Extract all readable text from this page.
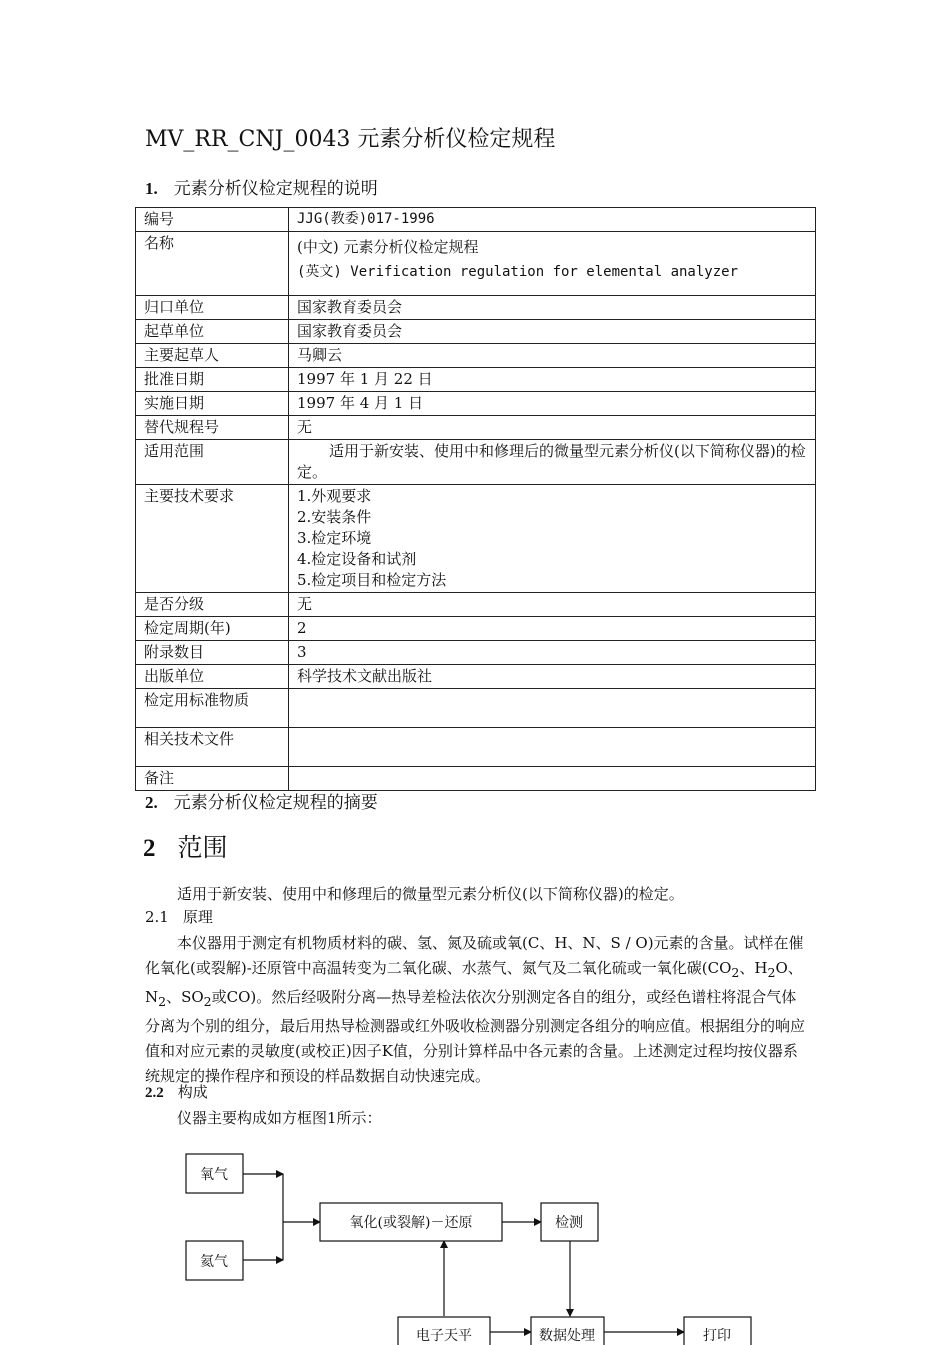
MV_RR_CNJ_0043 元素分析仪检定规程
1. 元素分析仪检定规程的说明
编号	JJG(教委)017-1996
名称	(中文) 元素分析仪检定规程
(英文) Verification regulation for elemental analyzer

归口单位	国家教育委员会
起草单位	国家教育委员会
主要起草人	马卿云
批准日期	1997 年 1 月 22 日
实施日期	1997 年 4 月 1 日
替代规程号	无
适用范围	适用于新安装、使用中和修理后的微量型元素分析仪(以下简称仪器)的检定。
主要技术要求	1.外观要求
2.安装条件
3.检定环境
4.检定设备和试剂
5.检定项目和检定方法

是否分级	无
检定周期(年)	2
附录数目	3
出版单位	科学技术文献出版社
检定用标准物质	
相关技术文件	
备注	
2. 元素分析仪检定规程的摘要
2 范围
适用于新安装、使用中和修理后的微量型元素分析仪(以下简称仪器)的检定。
2.1 原理
本仪器用于测定有机物质材料的碳、氢、氮及硫或氧(C、H、N、S / O)元素的含量。试样在催化氧化(或裂解)-还原管中高温转变为二氧化碳、水蒸气、氮气及二氧化硫或一氧化碳($CO_2$、$H_2O$、$N_2$、$SO_2$或CO)。然后经吸附分离—热导差检法依次分别测定各自的组分，或经色谱柱将混合气体分离为个别的组分，最后用热导检测器或红外吸收检测器分别测定各组分的响应值。根据组分的响应值和对应元素的灵敏度(或校正)因子K值，分别计算样品中各元素的含量。上述测定过程均按仪器系统规定的操作程序和预设的样品数据自动快速完成。
2.2 构成
仪器主要构成如方框图1所示：
氧气
氦气
氧化(或裂解)－还原	检测
电子天平	数据处理	打印
